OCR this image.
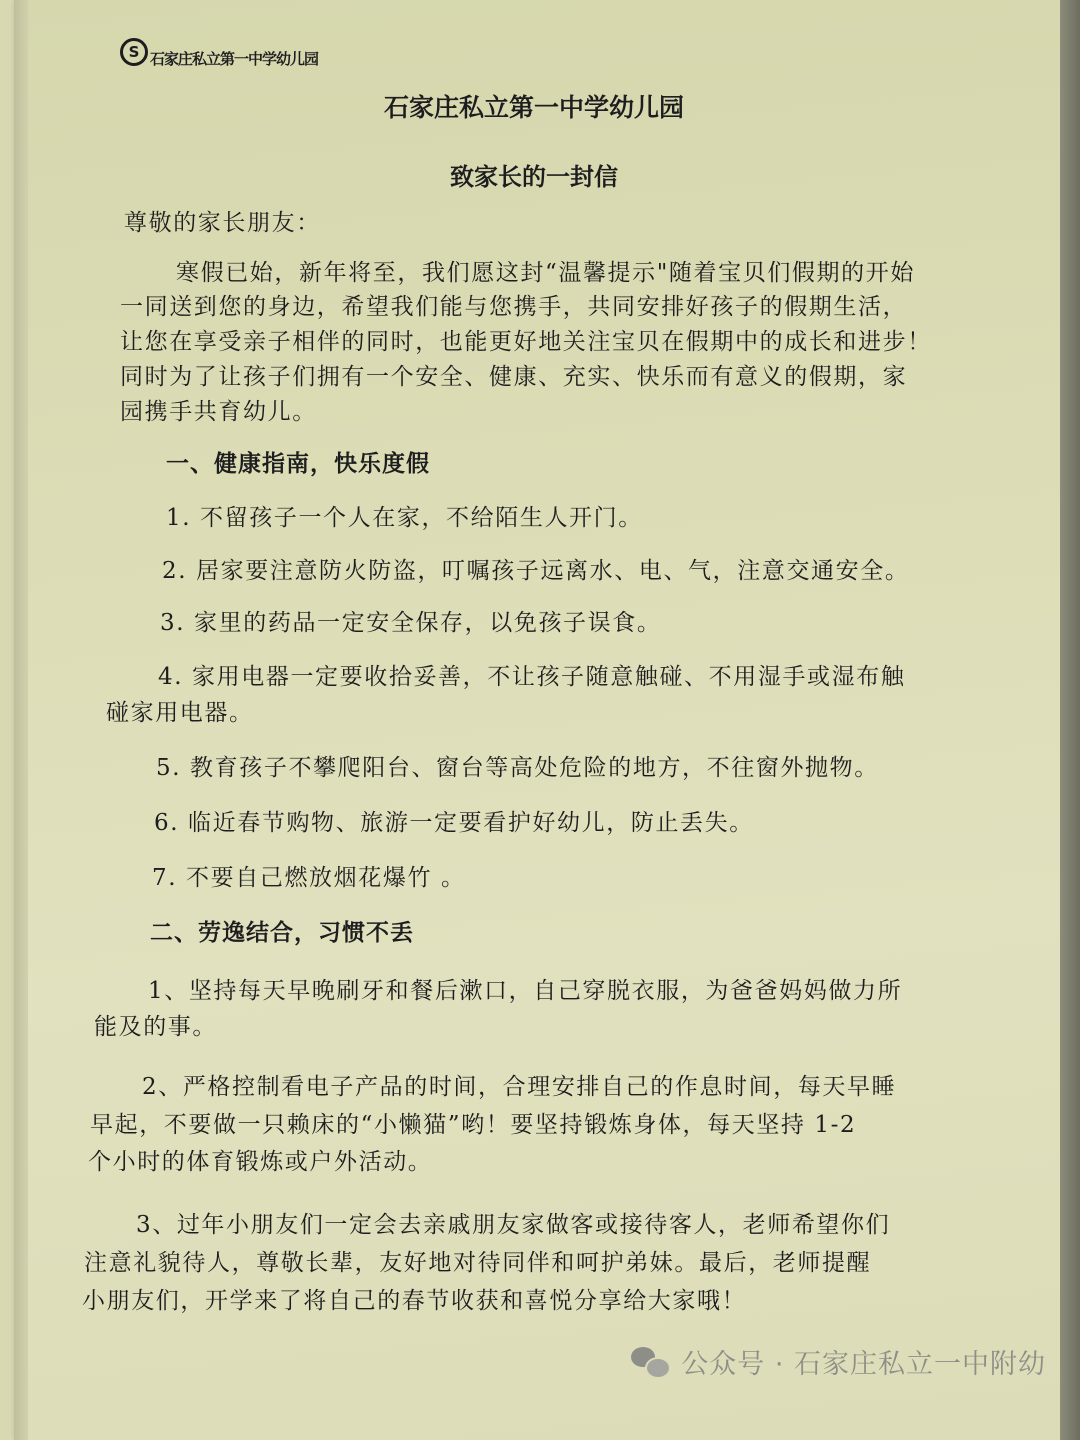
S 石家庄私立第一中学幼儿园
石家庄私立第一中学幼儿园
致家长的一封信

尊敬的家长朋友：

寒假已始，新年将至，我们愿这封“温馨提示"随着宝贝们假期的开始

一同送到您的身边，希望我们能与您携手，共同安排好孩子的假期生活，

让您在享受亲子相伴的同时，也能更好地关注宝贝在假期中的成长和进步！

同时为了让孩子们拥有一个安全、健康、充实、快乐而有意义的假期，家

园携手共育幼儿。

一、健康指南，快乐度假

1. 不留孩子一个人在家，不给陌生人开门。

2. 居家要注意防火防盗，叮嘱孩子远离水、电、气，注意交通安全。

3. 家里的药品一定安全保存，以免孩子误食。

4. 家用电器一定要收拾妥善，不让孩子随意触碰、不用湿手或湿布触

碰家用电器。

5. 教育孩子不攀爬阳台、窗台等高处危险的地方，不往窗外抛物。

6. 临近春节购物、旅游一定要看护好幼儿，防止丢失。

7. 不要自己燃放烟花爆竹 。

二、劳逸结合，习惯不丢

1、坚持每天早晚刷牙和餐后漱口，自己穿脱衣服，为爸爸妈妈做力所

能及的事。

2、严格控制看电子产品的时间，合理安排自己的作息时间，每天早睡

早起，不要做一只赖床的“小懒猫”哟！要坚持锻炼身体，每天坚持 1-2

个小时的体育锻炼或户外活动。

3、过年小朋友们一定会去亲戚朋友家做客或接待客人，老师希望你们

注意礼貌待人，尊敬长辈，友好地对待同伴和呵护弟妹。最后，老师提醒

小朋友们，开学来了将自己的春节收获和喜悦分享给大家哦！

公众号 · 石家庄私立一中附幼
